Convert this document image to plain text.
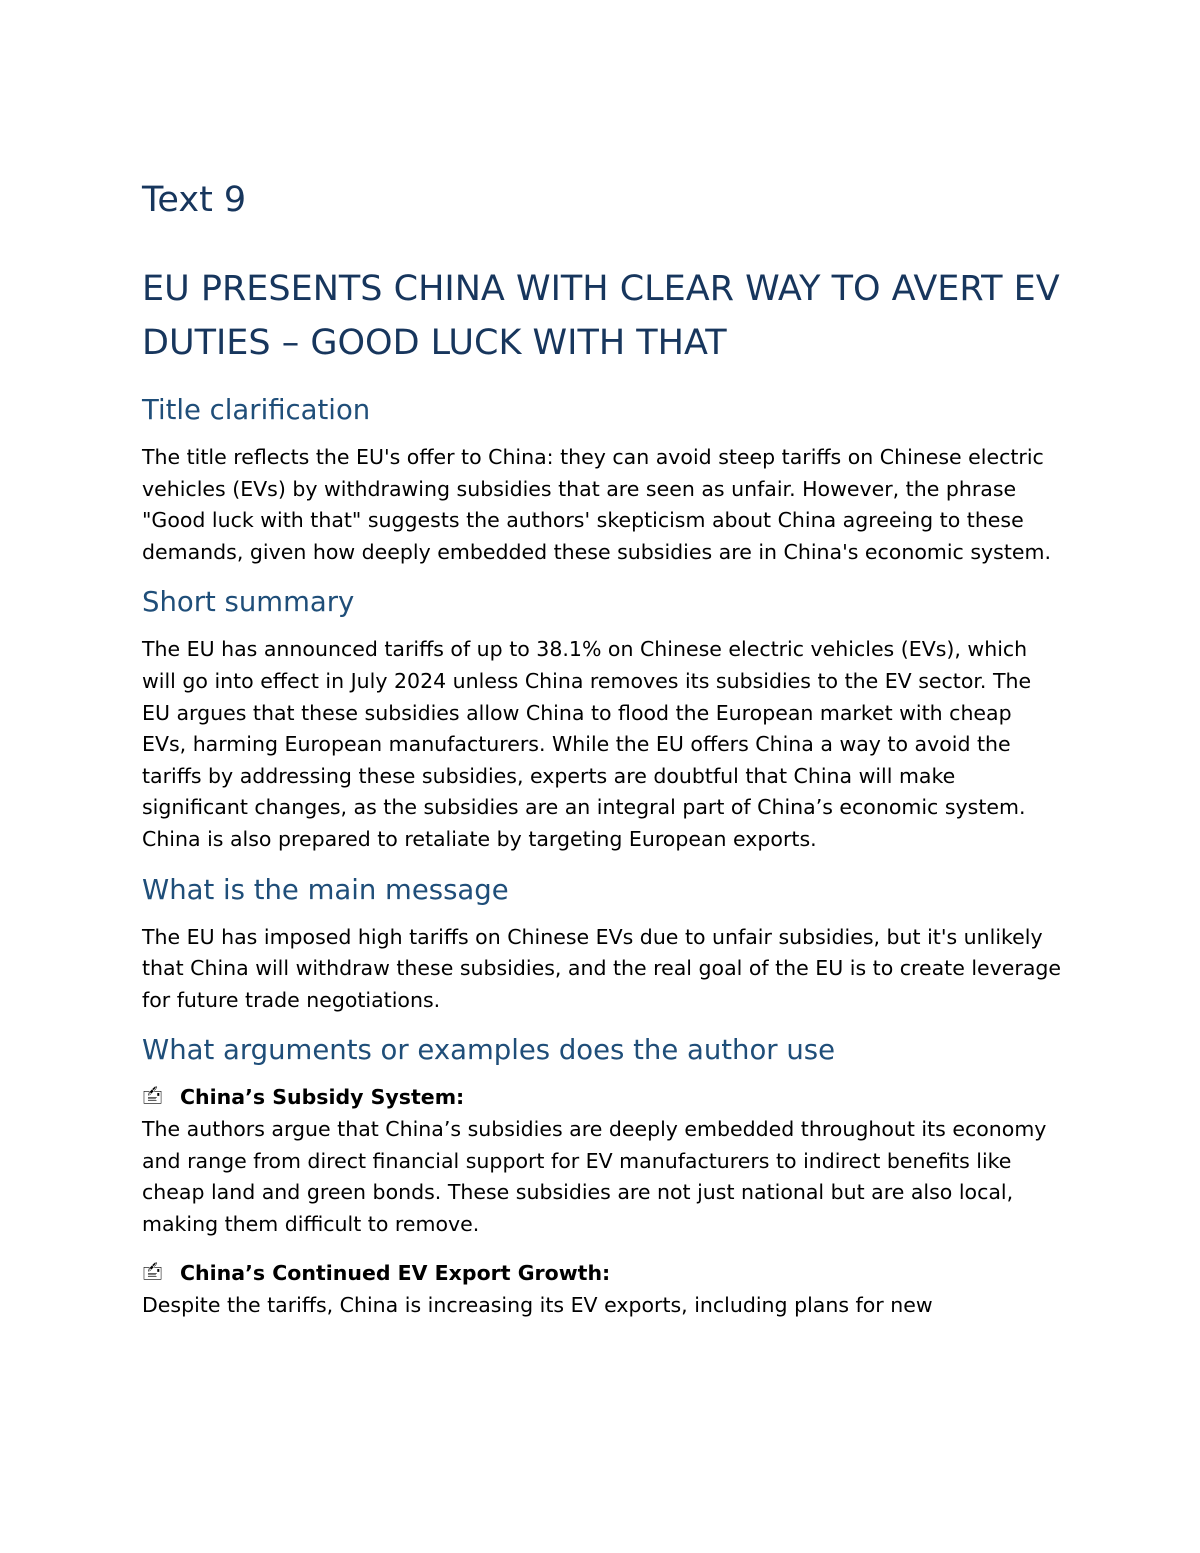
Text 9
EU PRESENTS CHINA WITH CLEAR WAY TO AVERT EV DUTIES – GOOD LUCK WITH THAT
Title clarification

The title reflects the EU's offer to China: they can avoid steep tariffs on Chinese electric vehicles (EVs) by withdrawing subsidies that are seen as unfair. However, the phrase "Good luck with that" suggests the authors' skepticism about China agreeing to these demands, given how deeply embedded these subsidies are in China's economic system.

Short summary

The EU has announced tariffs of up to 38.1% on Chinese electric vehicles (EVs), which will go into effect in July 2024 unless China removes its subsidies to the EV sector. The EU argues that these subsidies allow China to flood the European market with cheap EVs, harming European manufacturers. While the EU offers China a way to avoid the tariffs by addressing these subsidies, experts are doubtful that China will make significant changes, as the subsidies are an integral part of China’s economic system. China is also prepared to retaliate by targeting European exports.

What is the main message

The EU has imposed high tariffs on Chinese EVs due to unfair subsidies, but it's unlikely that China will withdraw these subsidies, and the real goal of the EU is to create leverage for future trade negotiations.

What arguments or examples does the author use
🖆 China’s Subsidy System:

The authors argue that China’s subsidies are deeply embedded throughout its economy and range from direct financial support for EV manufacturers to indirect benefits like cheap land and green bonds. These subsidies are not just national but are also local, making them difficult to remove.

🖆 China’s Continued EV Export Growth:

Despite the tariffs, China is increasing its EV exports, including plans for new
